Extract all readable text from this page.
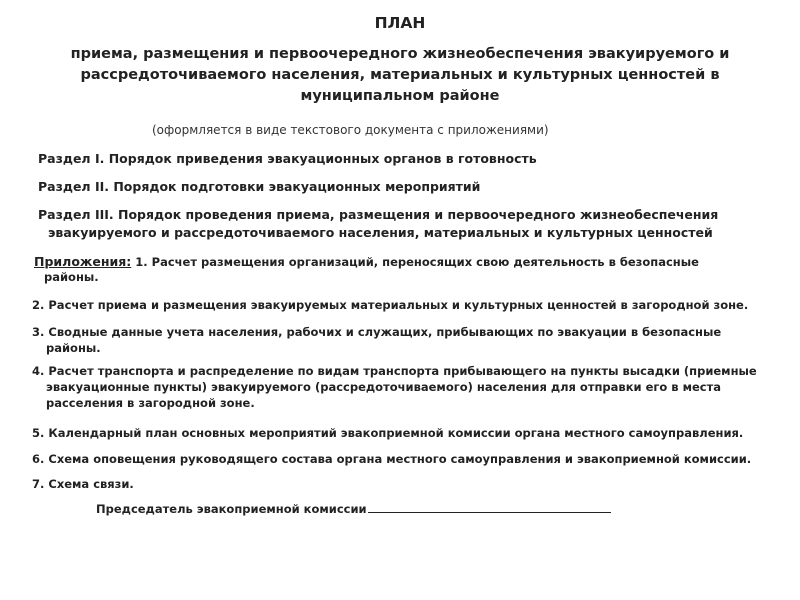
ПЛАН
приема, размещения и первоочередного жизнеобеспечения эвакуируемого и
рассредоточиваемого населения, материальных и культурных ценностей в
муниципальном районе
(оформляется в виде текстового документа с приложениями)
Раздел I. Порядок приведения эвакуационных органов в готовность
Раздел II. Порядок подготовки эвакуационных мероприятий
Раздел III. Порядок проведения приема, размещения и первоочередного жизнеобеспечения
эвакуируемого и рассредоточиваемого населения, материальных и культурных ценностей
Приложения: 1. Расчет размещения организаций, переносящих свою деятельность в безопасные
районы.
2. Расчет приема и размещения эвакуируемых материальных и культурных ценностей в загородной зоне.
3. Сводные данные учета населения, рабочих и служащих, прибывающих по эвакуации в безопасные
районы.
4. Расчет транспорта и распределение по видам транспорта прибывающего на пункты высадки (приемные
эвакуационные пункты) эвакуируемого (рассредоточиваемого) населения для отправки его в места
расселения в загородной зоне.
5. Календарный план основных мероприятий эвакоприемной комиссии органа местного самоуправления.
6. Схема оповещения руководящего состава органа местного самоуправления и эвакоприемной комиссии.
7. Схема связи.
Председатель эвакоприемной комиссии
